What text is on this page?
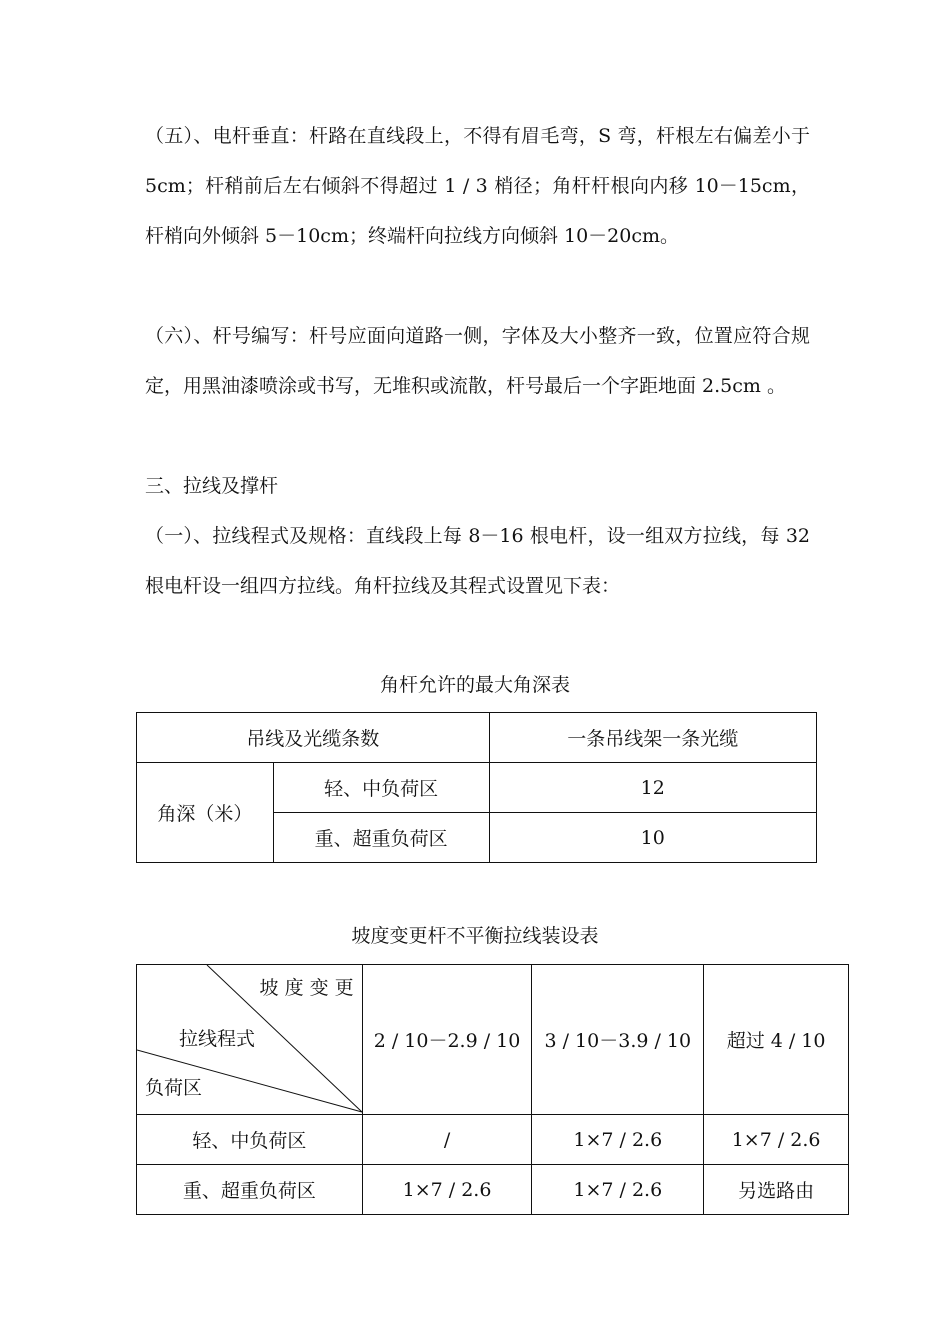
（五）、电杆垂直：杆路在直线段上，不得有眉毛弯，S 弯，杆根左右偏差小于 5cm；杆稍前后左右倾斜不得超过 1 / 3 梢径；角杆杆根向内移 10－15cm，杆梢向外倾斜 5－10cm；终端杆向拉线方向倾斜 10－20cm。

（六）、杆号编写：杆号应面向道路一侧，字体及大小整齐一致，位置应符合规定，用黑油漆喷涂或书写，无堆积或流散，杆号最后一个字距地面 2.5cm 。

三、拉线及撑杆

（一）、拉线程式及规格：直线段上每 8－16 根电杆，设一组双方拉线，每 32 根电杆设一组四方拉线。角杆拉线及其程式设置见下表：

角杆允许的最大角深表
吊线及光缆条数		一条吊线架一条光缆
角深（米）	轻、中负荷区	12
	重、超重负荷区	10
坡度变更杆不平衡拉线装设表
坡 度 变 更
拉线程式
负荷区	2 / 10－2.9 / 10	3 / 10－3.9 / 10	超过 4 / 10
轻、中负荷区	/	1×7 / 2.6	1×7 / 2.6
重、超重负荷区	1×7 / 2.6	1×7 / 2.6	另选路由
